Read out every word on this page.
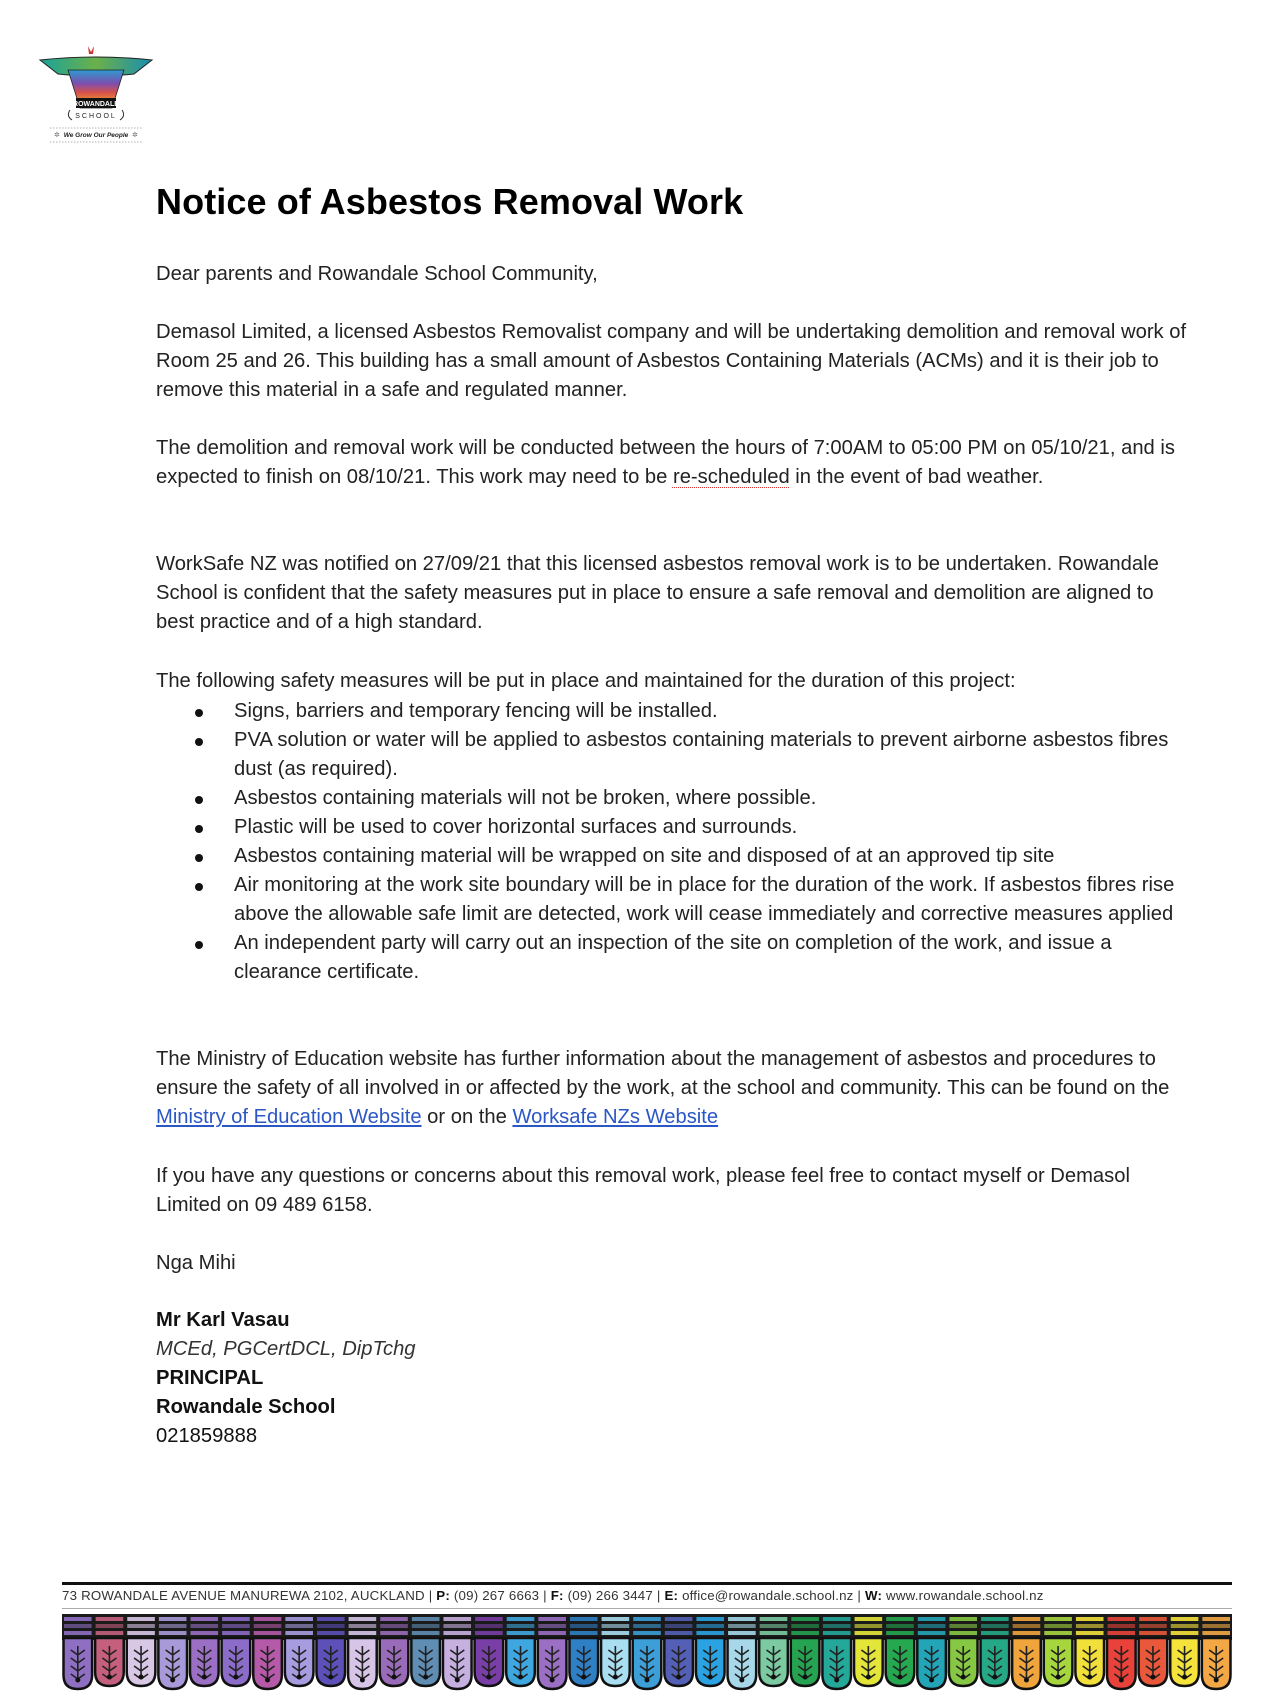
ROWANDALE
SCHOOL
We Grow Our People
✲	✲
Notice of Asbestos Removal Work

Dear parents and Rowandale School Community,

Demasol Limited, a licensed Asbestos Removalist company and will be undertaking demolition and removal work of Room 25 and 26. This building has a small amount of Asbestos Containing Materials (ACMs) and it is their job to remove this material in a safe and regulated manner.

The demolition and removal work will be conducted between the hours of 7:00AM to 05:00 PM on 05/10/21, and is expected to finish on 08/10/21. This work may need to be re-scheduled in the event of bad weather.

WorkSafe NZ was notified on 27/09/21 that this licensed asbestos removal work is to be undertaken. Rowandale School is confident that the safety measures put in place to ensure a safe removal and demolition are aligned to best practice and of a high standard.

The following safety measures will be put in place and maintained for the duration of this project:

Signs, barriers and temporary fencing will be installed.
PVA solution or water will be applied to asbestos containing materials to prevent airborne asbestos fibres dust (as required).
Asbestos containing materials will not be broken, where possible.
Plastic will be used to cover horizontal surfaces and surrounds.
Asbestos containing material will be wrapped on site and disposed of at an approved tip site
Air monitoring at the work site boundary will be in place for the duration of the work. If asbestos fibres rise above the allowable safe limit are detected, work will cease immediately and corrective measures applied
An independent party will carry out an inspection of the site on completion of the work, and issue a clearance certificate.

The Ministry of Education website has further information about the management of asbestos and procedures to ensure the safety of all involved in or affected by the work, at the school and community. This can be found on the Ministry of Education Website or on the Worksafe NZs Website

If you have any questions or concerns about this removal work, please feel free to contact myself or Demasol Limited on 09 489 6158.

Nga Mihi

Mr Karl Vasau
MCEd, PGCertDCL, DipTchg
PRINCIPAL
Rowandale School
021859888
73 ROWANDALE AVENUE MANUREWA 2102, AUCKLAND | P: (09) 267 6663 | F: (09) 266 3447 | E: office@rowandale.school.nz | W: www.rowandale.school.nz
